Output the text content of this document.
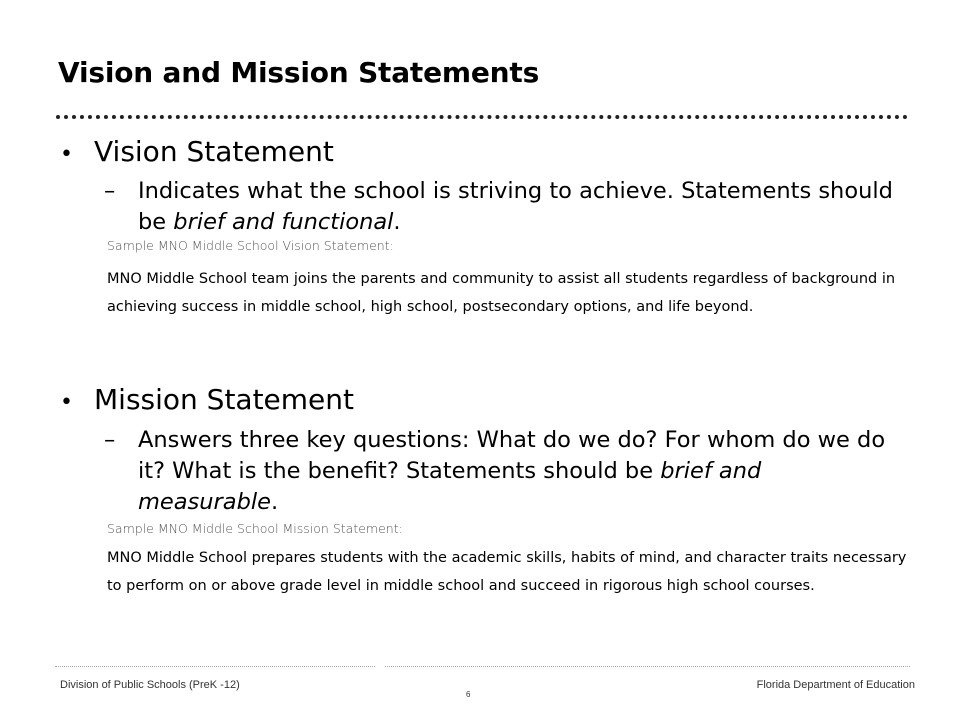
Vision and Mission Statements
• Vision Statement
–	Indicates what the school is striving to achieve. Statements should be brief and functional.
Sample MNO Middle School Vision Statement:
MNO Middle School team joins the parents and community to assist all students regardless of background in achieving success in middle school, high school, postsecondary options, and life beyond.
• Mission Statement
–	Answers three key questions: What do we do? For whom do we do it? What is the benefit? Statements should be brief and measurable.
Sample MNO Middle School Mission Statement:
MNO Middle School prepares students with the academic skills, habits of mind, and character traits necessary to perform on or above grade level in middle school and succeed in rigorous high school courses.
Division of Public Schools (PreK -12)
6
Florida Department of Education
